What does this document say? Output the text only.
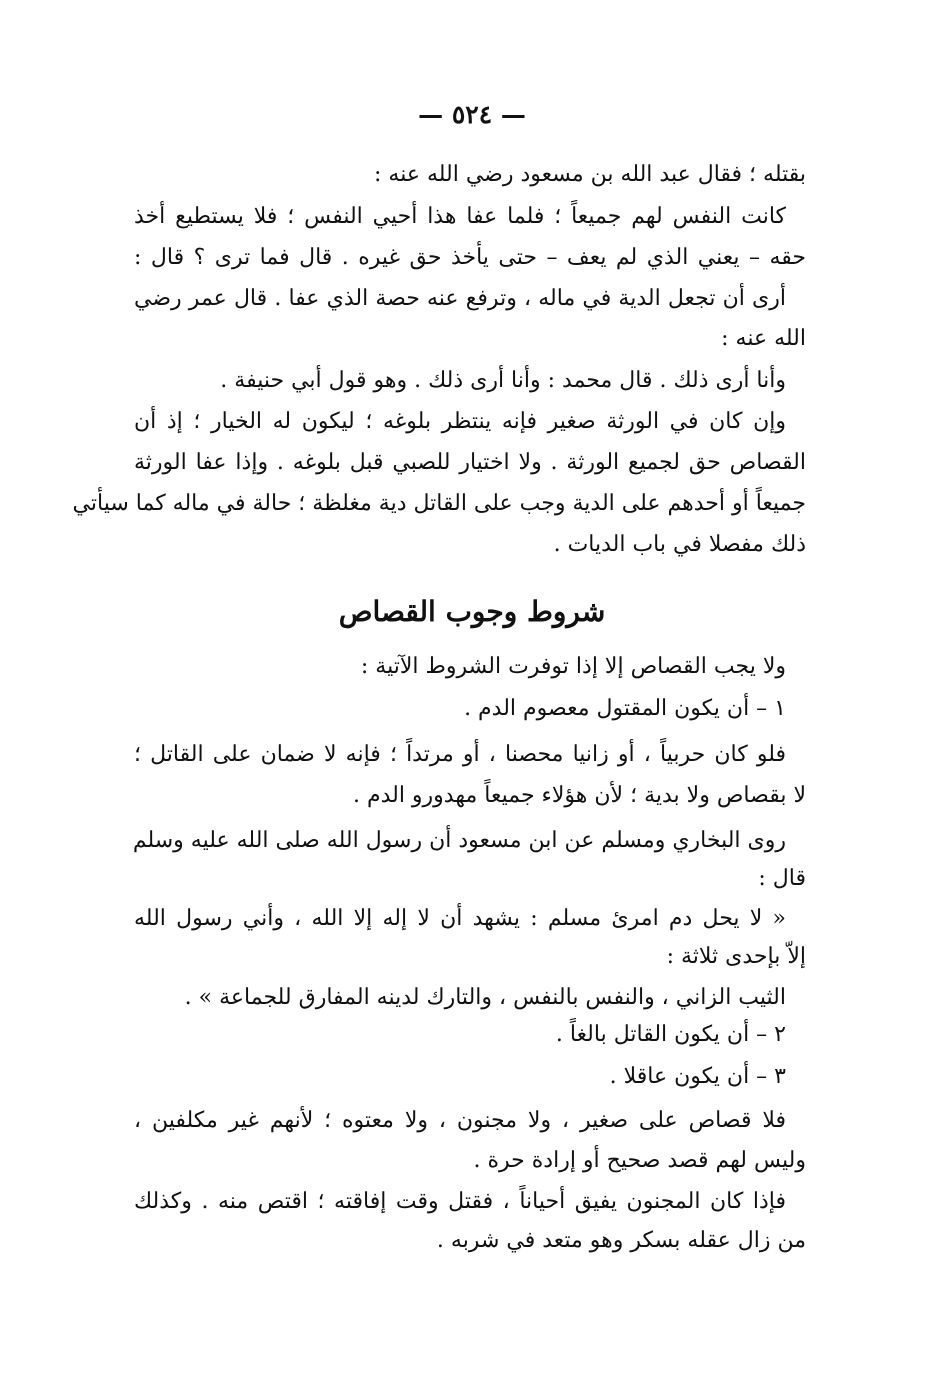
— ٥٢٤ —
بقتله ؛ فقال عبد الله بن مسعود رضي الله عنه :
كانت النفس لهم جميعاً ؛ فلما عفا هذا أحيي النفس ؛ فلا يستطيع أخذ
حقه – يعني الذي لم يعف – حتى يأخذ حق غيره . قال فما ترى ؟ قال :
أرى أن تجعل الدية في ماله ، وترفع عنه حصة الذي عفا . قال عمر رضي
الله عنه :
وأنا أرى ذلك . قال محمد : وأنا أرى ذلك . وهو قول أبي حنيفة .
وإن كان في الورثة صغير فإنه ينتظر بلوغه ؛ ليكون له الخيار ؛ إذ أن
القصاص حق لجميع الورثة . ولا اختيار للصبي قبل بلوغه . وإذا عفا الورثة
جميعاً أو أحدهم على الدية وجب على القاتل دية مغلظة ؛ حالة في ماله كما سيأتي
ذلك مفصلا في باب الديات .
شروط وجوب القصاص
ولا يجب القصاص إلا إذا توفرت الشروط الآتية :
١ – أن يكون المقتول معصوم الدم .
فلو كان حربياً ، أو زانيا محصنا ، أو مرتداً ؛ فإنه لا ضمان على القاتل ؛
لا بقصاص ولا بدية ؛ لأن هؤلاء جميعاً مهدورو الدم .
روى البخاري ومسلم عن ابن مسعود أن رسول الله صلى الله عليه وسلم
قال :
« لا يحل دم امرئ مسلم : يشهد أن لا إله إلا الله ، وأني رسول الله
إلاّ بإحدى ثلاثة :
الثيب الزاني ، والنفس بالنفس ، والتارك لدينه المفارق للجماعة » .
٢ – أن يكون القاتل بالغاً .
٣ – أن يكون عاقلا .
فلا قصاص على صغير ، ولا مجنون ، ولا معتوه ؛ لأنهم غير مكلفين ،
وليس لهم قصد صحيح أو إرادة حرة .
فإذا كان المجنون يفيق أحياناً ، فقتل وقت إفاقته ؛ اقتص منه . وكذلك
من زال عقله بسكر وهو متعد في شربه .
